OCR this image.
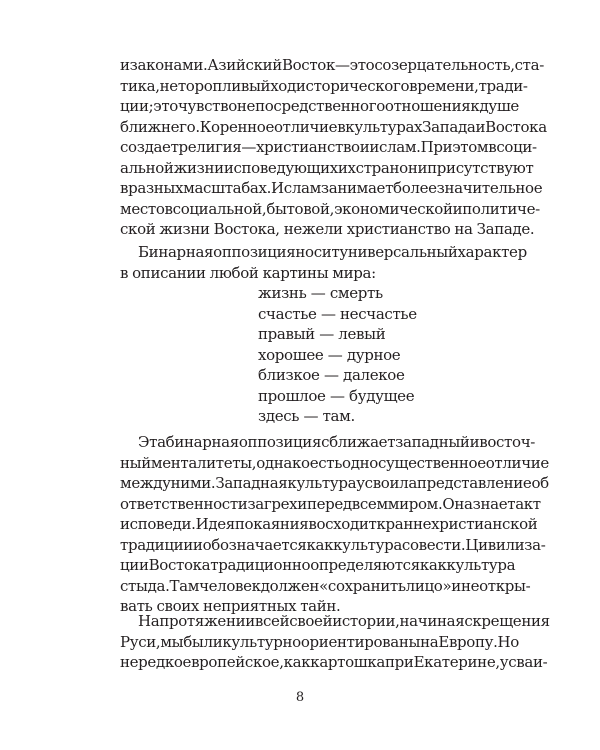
и законами. Азийский Восток — это созерцательность, ста-
тика, неторопливый ход исторического времени, тради-
ции; это чувство непосредственного отношения к душе
ближнего. Коренное отличие в культурах Запада и Востока
создает религия — христианство и ислам. При этом в соци-
альной жизни исповедующих их стран они присутствуют
в разных масштабах. Ислам занимает более значительное
место в социальной, бытовой, экономической и политиче-
ской жизни Востока, нежели христианство на Западе.
Бинарная оппозиция носит универсальный характер
в описании любой картины мира:
жизнь — смерть
счастье — несчастье
правый — левый
хорошее — дурное
близкое — далекое
прошлое — будущее
здесь — там.
Эта бинарная оппозиция сближает западный и восточ-
ный менталитеты, однако есть одно существенное отличие
между ними. Западная культура усвоила представление об
ответственности за грехи перед всем миром. Она знает акт
исповеди. Идея покаяния восходит к раннехристианской
традиции и обозначается как культура совести. Цивилиза-
ции Востока традиционно определяются как культура
стыда. Там человек должен «сохранить лицо» и не откры-
вать своих неприятных тайн.
На протяжении всей своей истории, начиная с крещения
Руси, мы были культурно ориентированы на Европу. Но
нередко европейское, как картошка при Екатерине, усваи-
8
